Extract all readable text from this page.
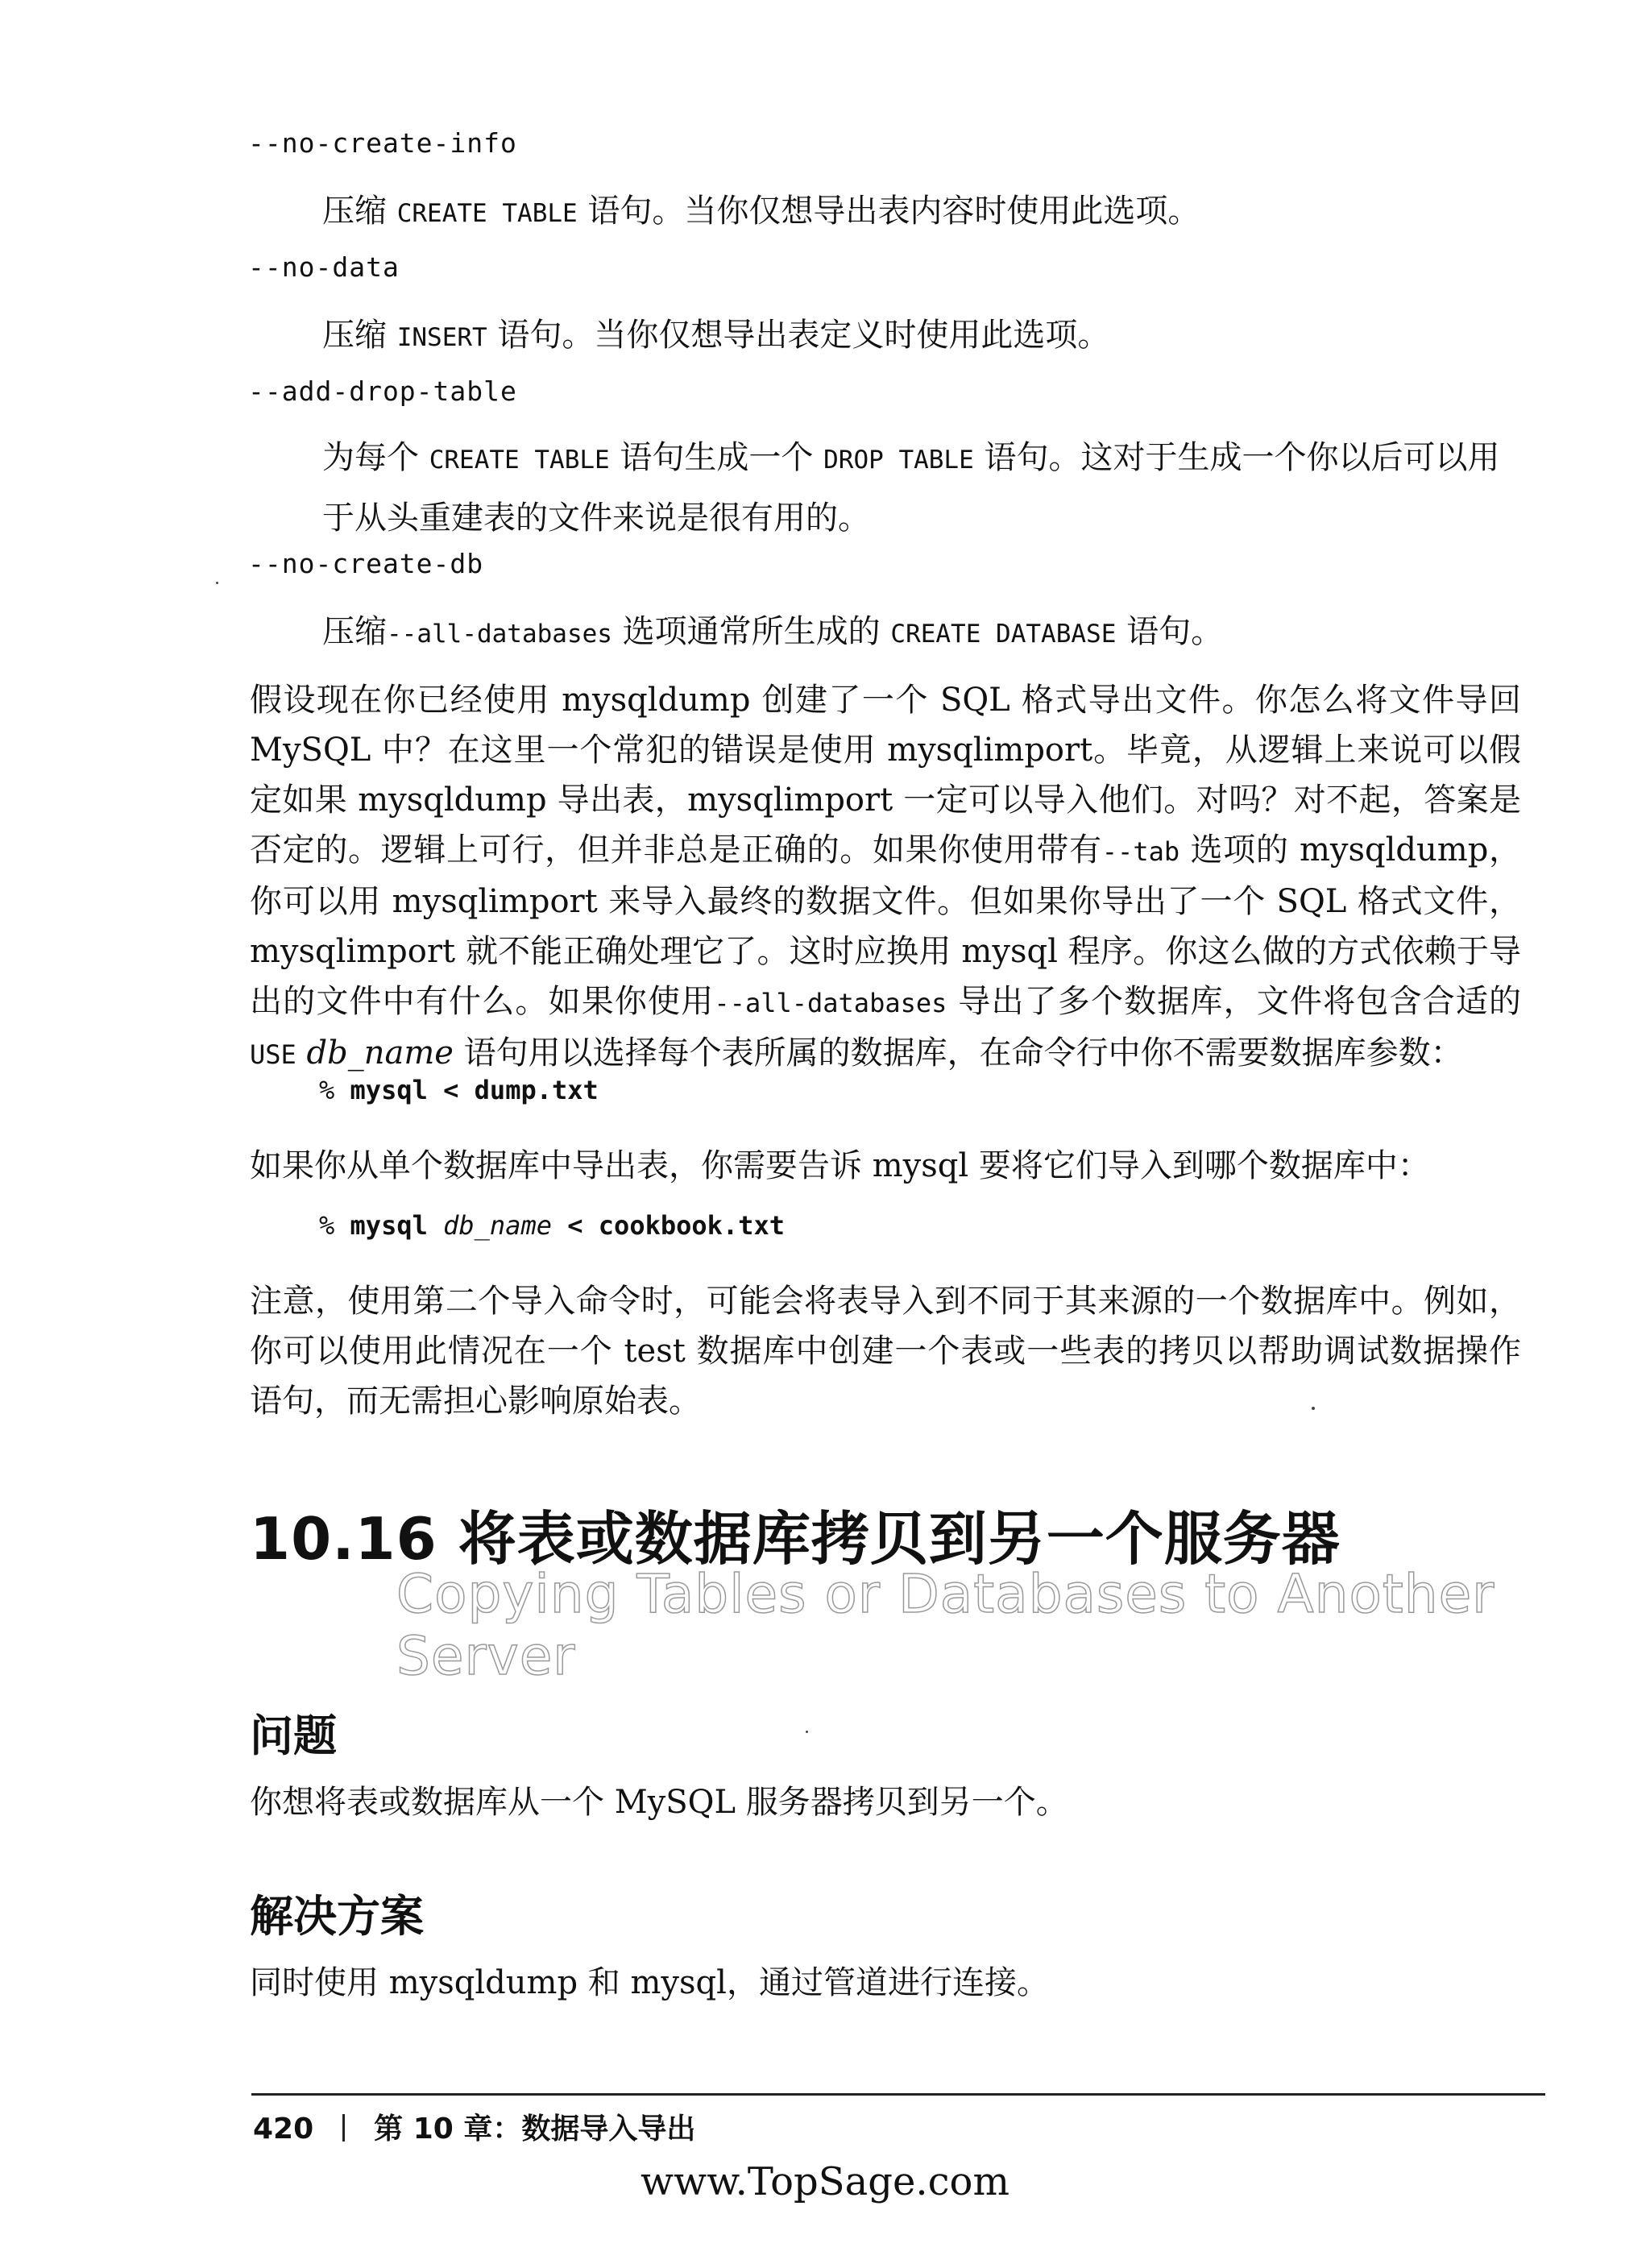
--no-create-info
压缩 CREATE TABLE 语句。当你仅想导出表内容时使用此选项。
--no-data
压缩 INSERT 语句。当你仅想导出表定义时使用此选项。
--add-drop-table
为每个 CREATE TABLE 语句生成一个 DROP TABLE 语句。这对于生成一个你以后可以用于从头重建表的文件来说是很有用的。
--no-create-db
压缩--all-databases 选项通常所生成的 CREATE DATABASE 语句。
假设现在你已经使用 mysqldump 创建了一个 SQL 格式导出文件。你怎么将文件导回 MySQL 中？在这里一个常犯的错误是使用 mysqlimport。毕竟，从逻辑上来说可以假定如果 mysqldump 导出表，mysqlimport 一定可以导入他们。对吗？对不起，答案是否定的。逻辑上可行，但并非总是正确的。如果你使用带有--tab 选项的 mysqldump，你可以用 mysqlimport 来导入最终的数据文件。但如果你导出了一个 SQL 格式文件，mysqlimport 就不能正确处理它了。这时应换用 mysql 程序。你这么做的方式依赖于导出的文件中有什么。如果你使用--all-databases 导出了多个数据库，文件将包含合适的 USE db_name 语句用以选择每个表所属的数据库，在命令行中你不需要数据库参数：
% mysql < dump.txt
如果你从单个数据库中导出表，你需要告诉 mysql 要将它们导入到哪个数据库中：
% mysql db_name < cookbook.txt
注意，使用第二个导入命令时，可能会将表导入到不同于其来源的一个数据库中。例如，你可以使用此情况在一个 test 数据库中创建一个表或一些表的拷贝以帮助调试数据操作语句，而无需担心影响原始表。
10.16 将表或数据库拷贝到另一个服务器
Copying Tables or Databases to Another Server
问题
你想将表或数据库从一个 MySQL 服务器拷贝到另一个。
解决方案
同时使用 mysqldump 和 mysql，通过管道进行连接。
420 第 10 章：数据导入导出
www.TopSage.com
